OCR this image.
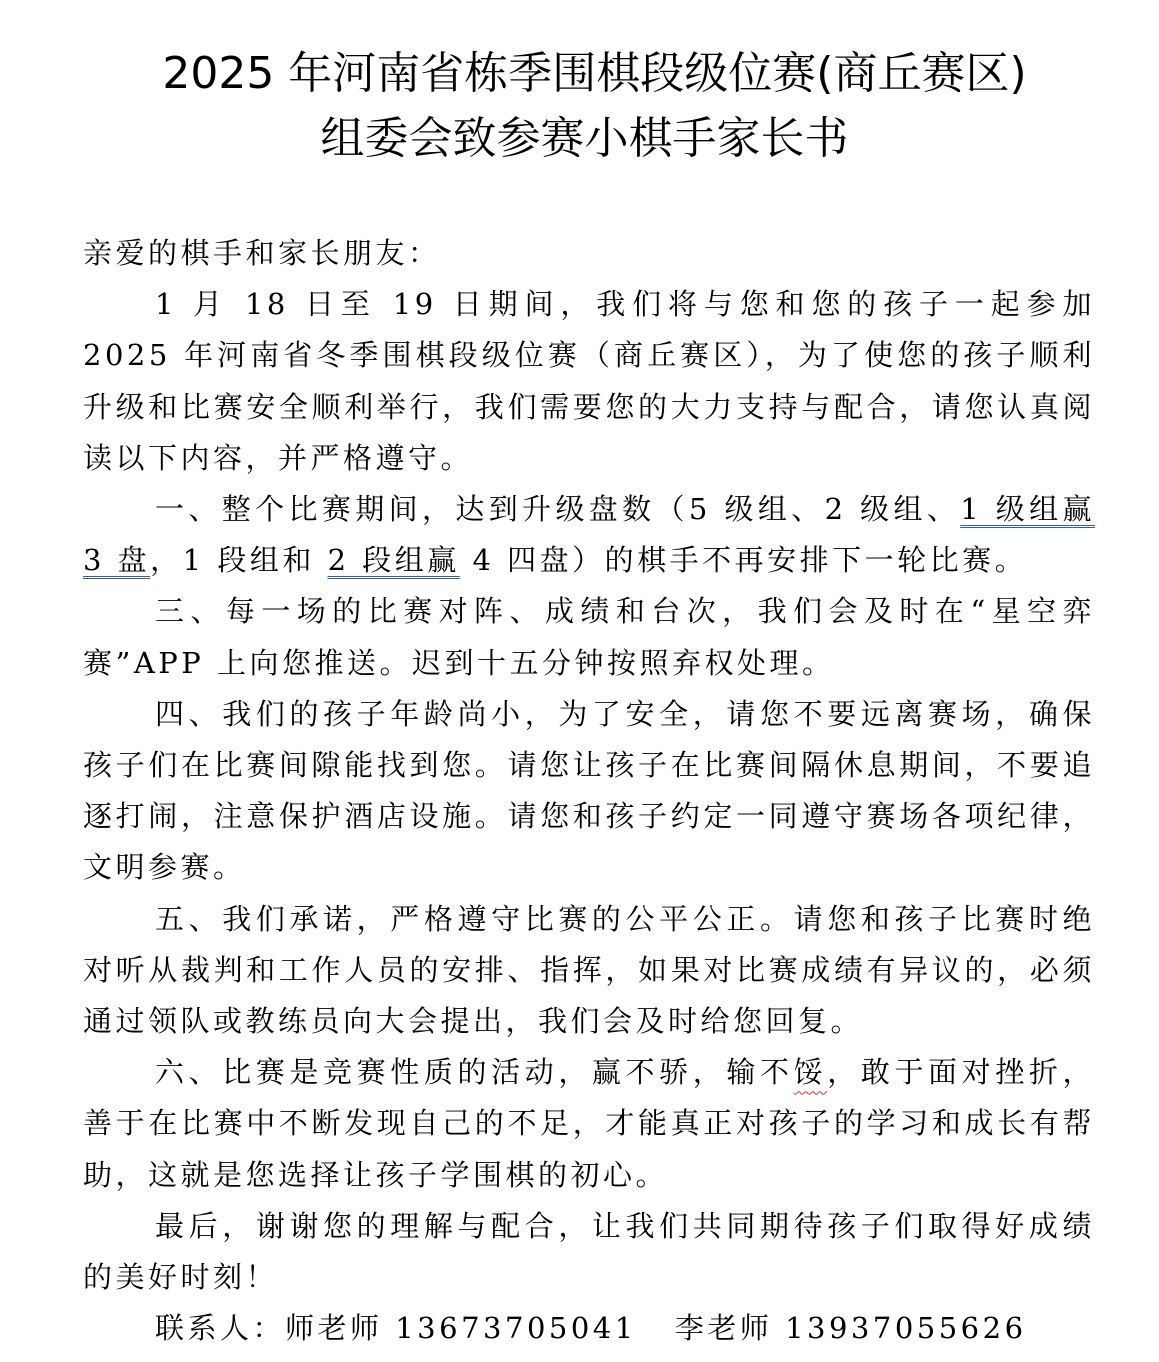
2025 年河南省栋季围棋段级位赛(商丘赛区)
组委会致参赛小棋手家长书

亲爱的棋手和家长朋友：

1 月 18 日至 19 日期间，我们将与您和您的孩子一起参加 2025 年河南省冬季围棋段级位赛（商丘赛区），为了使您的孩子顺利升级和比赛安全顺利举行，我们需要您的大力支持与配合，请您认真阅读以下内容，并严格遵守。

一、整个比赛期间，达到升级盘数（5 级组、2 级组、1 级组赢 3 盘，1 段组和 2 段组赢 4 四盘）的棋手不再安排下一轮比赛。

三、每一场的比赛对阵、成绩和台次，我们会及时在“星空弈赛”APP 上向您推送。迟到十五分钟按照弃权处理。

四、我们的孩子年龄尚小，为了安全，请您不要远离赛场，确保孩子们在比赛间隙能找到您。请您让孩子在比赛间隔休息期间，不要追逐打闹，注意保护酒店设施。请您和孩子约定一同遵守赛场各项纪律，文明参赛。

五、我们承诺，严格遵守比赛的公平公正。请您和孩子比赛时绝对听从裁判和工作人员的安排、指挥，如果对比赛成绩有异议的，必须通过领队或教练员向大会提出，我们会及时给您回复。

六、比赛是竞赛性质的活动，赢不骄，输不馁，敢于面对挫折，善于在比赛中不断发现自己的不足，才能真正对孩子的学习和成长有帮助，这就是您选择让孩子学围棋的初心。

最后，谢谢您的理解与配合，让我们共同期待孩子们取得好成绩的美好时刻！

联系人：师老师 13673705041 李老师 13937055626
